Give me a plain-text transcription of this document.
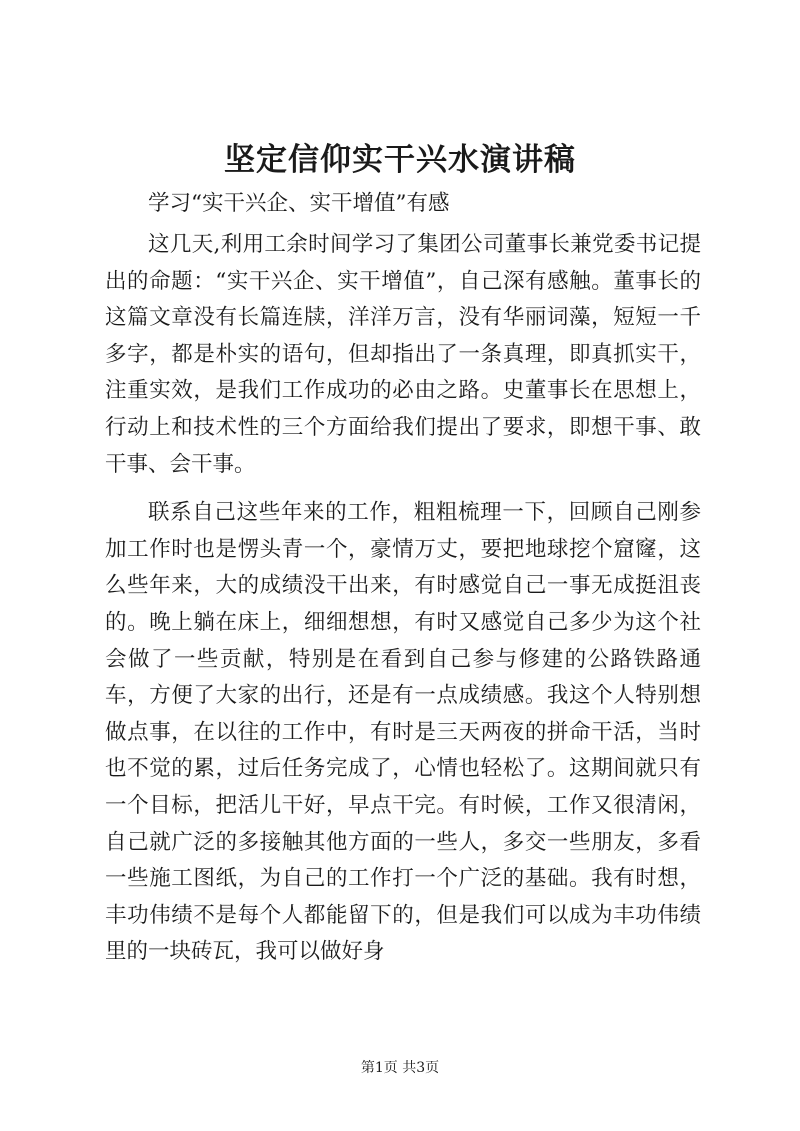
坚定信仰实干兴水演讲稿

学习“实干兴企、实干增值”有感

这几天,利用工余时间学习了集团公司董事长兼党委书记提出的命题：“实干兴企、实干增值”，自己深有感触。董事长的这篇文章没有长篇连牍，洋洋万言，没有华丽词藻，短短一千多字，都是朴实的语句，但却指出了一条真理，即真抓实干，注重实效，是我们工作成功的必由之路。史董事长在思想上，行动上和技术性的三个方面给我们提出了要求，即想干事、敢干事、会干事。

联系自己这些年来的工作，粗粗梳理一下，回顾自己刚参加工作时也是愣头青一个，豪情万丈，要把地球挖个窟窿，这么些年来，大的成绩没干出来，有时感觉自己一事无成挺沮丧的。晚上躺在床上，细细想想，有时又感觉自己多少为这个社会做了一些贡献，特别是在看到自己参与修建的公路铁路通车，方便了大家的出行，还是有一点成绩感。我这个人特别想做点事，在以往的工作中，有时是三天两夜的拼命干活，当时也不觉的累，过后任务完成了，心情也轻松了。这期间就只有一个目标，把活儿干好，早点干完。有时候，工作又很清闲，自己就广泛的多接触其他方面的一些人，多交一些朋友，多看一些施工图纸，为自己的工作打一个广泛的基础。我有时想，丰功伟绩不是每个人都能留下的，但是我们可以成为丰功伟绩里的一块砖瓦，我可以做好身

第1页 共3页
